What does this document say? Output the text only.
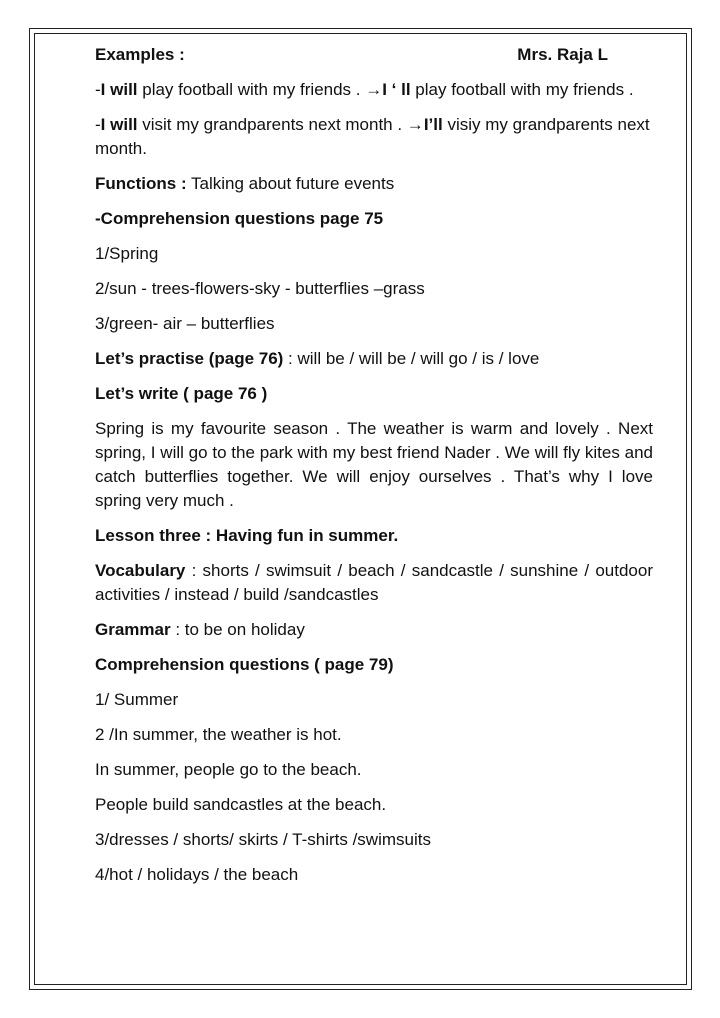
Examples :	Mrs. Raja L

-I will play football with my friends . →I ‘ ll play football with my friends .

-I will visit my grandparents next month . →I’ll visiy my grandparents next month.

Functions : Talking about future events

-Comprehension questions page 75

1/Spring

2/sun - trees-flowers-sky - butterflies –grass

3/green- air – butterflies

Let’s practise (page 76) : will be / will be / will go / is / love

Let’s write ( page 76 )

Spring is my favourite season . The weather is warm and lovely . Next spring, I will go to the park with my best friend Nader . We will fly kites and catch butterflies together. We will enjoy ourselves . That’s why I love spring very much .

Lesson three : Having fun in summer.

Vocabulary : shorts / swimsuit / beach / sandcastle / sunshine / outdoor activities / instead / build /sandcastles

Grammar : to be on holiday

Comprehension questions ( page 79)

1/ Summer

2 /In summer, the weather is hot.

In summer, people go to the beach.

People build sandcastles at the beach.

3/dresses / shorts/ skirts / T-shirts /swimsuits

4/hot / holidays / the beach
